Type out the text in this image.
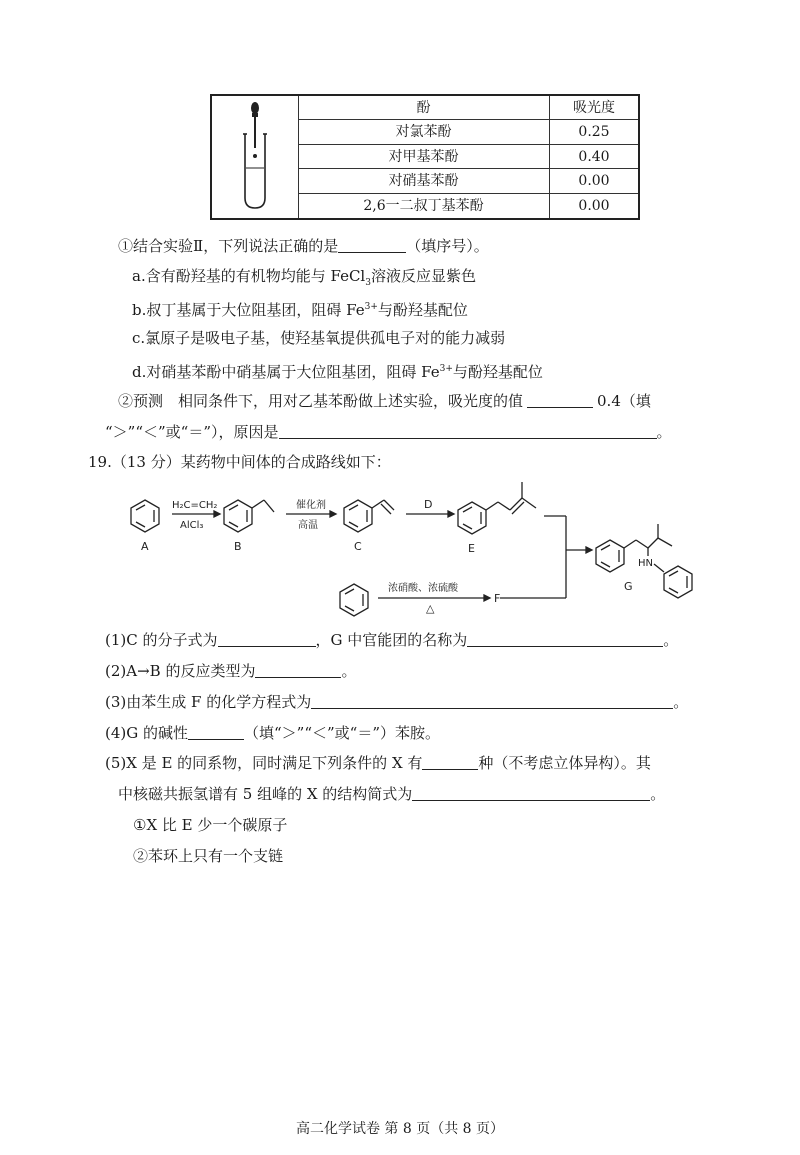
酚	吸光度
对氯苯酚	0.25
对甲基苯酚	0.40
对硝基苯酚	0.00
2,6一二叔丁基苯酚	0.00
①结合实验Ⅱ，下列说法正确的是	（填序号）。
a.含有酚羟基的有机物均能与 FeCl$_3$溶液反应显紫色
b.叔丁基属于大位阻基团，阻碍 $Fe^{3+}$与酚羟基配位
c.氯原子是吸电子基，使羟基氧提供孤电子对的能力减弱
d.对硝基苯酚中硝基属于大位阻基团，阻碍 $Fe^{3+}$与酚羟基配位
②预测　相同条件下，用对乙基苯酚做上述实验，吸光度的值	0.4（填
“＞”“＜”或“＝”），原因是	。
19.（13 分）某药物中间体的合成路线如下：
A	B	C	E
G
F
H₂C=CH₂
AlCl₃
催化剂
高温
D
浓硝酸、浓硫酸
△
HN
(1)C 的分子式为	，G 中官能团的名称为	。
(2)A→B 的反应类型为	。
(3)由苯生成 F 的化学方程式为	。
(4)G 的碱性	（填“＞”“＜”或“＝”）苯胺。
(5)X 是 E 的同系物，同时满足下列条件的 X 有	种（不考虑立体异构）。其
中核磁共振氢谱有 5 组峰的 X 的结构简式为	。
①X 比 E 少一个碳原子
②苯环上只有一个支链
高二化学试卷 第 8 页（共 8 页）
